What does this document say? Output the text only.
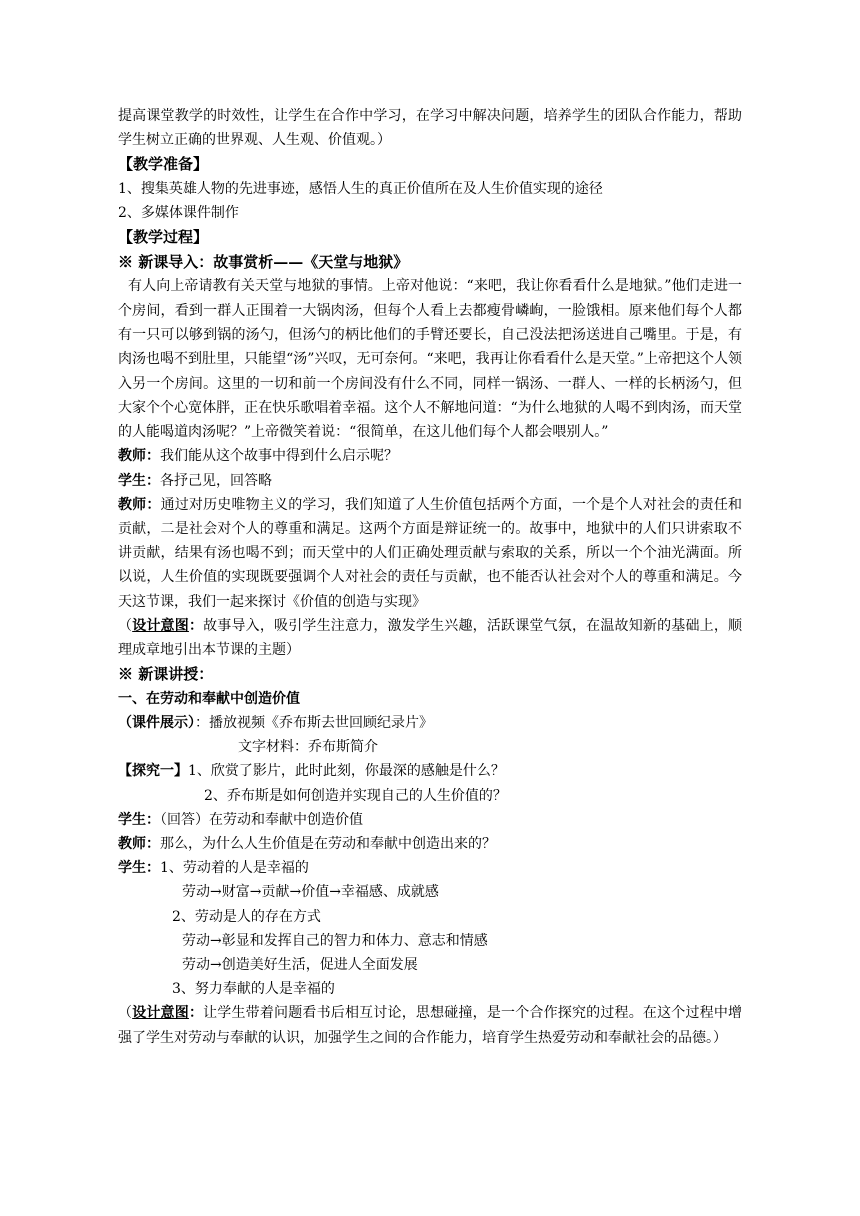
提高课堂教学的时效性，让学生在合作中学习，在学习中解决问题，培养学生的团队合作能力，帮助学生树立正确的世界观、人生观、价值观。）
【教学准备】
1、搜集英雄人物的先进事迹，感悟人生的真正价值所在及人生价值实现的途径
2、多媒体课件制作
【教学过程】
※ 新课导入：故事赏析——《天堂与地狱》
有人向上帝请教有关天堂与地狱的事情。上帝对他说：“来吧，我让你看看什么是地狱。”他们走进一个房间，看到一群人正围着一大锅肉汤，但每个人看上去都瘦骨嶙峋，一脸饿相。原来他们每个人都有一只可以够到锅的汤勺，但汤勺的柄比他们的手臂还要长，自己没法把汤送进自己嘴里。于是，有肉汤也喝不到肚里，只能望“汤”兴叹，无可奈何。“来吧，我再让你看看什么是天堂。”上帝把这个人领入另一个房间。这里的一切和前一个房间没有什么不同，同样一锅汤、一群人、一样的长柄汤勺，但大家个个心宽体胖，正在快乐歌唱着幸福。这个人不解地问道：“为什么地狱的人喝不到肉汤，而天堂的人能喝道肉汤呢？”上帝微笑着说：“很简单，在这儿他们每个人都会喂别人。”
教师：我们能从这个故事中得到什么启示呢？
学生：各抒己见，回答略
教师：通过对历史唯物主义的学习，我们知道了人生价值包括两个方面，一个是个人对社会的责任和贡献，二是社会对个人的尊重和满足。这两个方面是辩证统一的。故事中，地狱中的人们只讲索取不讲贡献，结果有汤也喝不到；而天堂中的人们正确处理贡献与索取的关系，所以一个个油光满面。所以说，人生价值的实现既要强调个人对社会的责任与贡献，也不能否认社会对个人的尊重和满足。今天这节课，我们一起来探讨《价值的创造与实现》
（设计意图：故事导入，吸引学生注意力，激发学生兴趣，活跃课堂气氛，在温故知新的基础上，顺理成章地引出本节课的主题）
※ 新课讲授：
一、在劳动和奉献中创造价值
（课件展示）：播放视频《乔布斯去世回顾纪录片》
文字材料：乔布斯简介
【探究一】1、欣赏了影片，此时此刻，你最深的感触是什么？
2、乔布斯是如何创造并实现自己的人生价值的？
学生：（回答）在劳动和奉献中创造价值
教师：那么，为什么人生价值是在劳动和奉献中创造出来的？
学生：1、劳动着的人是幸福的
劳动→财富→贡献→价值→幸福感、成就感
2、劳动是人的存在方式
劳动→彰显和发挥自己的智力和体力、意志和情感
劳动→创造美好生活，促进人全面发展
3、努力奉献的人是幸福的
（设计意图：让学生带着问题看书后相互讨论，思想碰撞，是一个合作探究的过程。在这个过程中增强了学生对劳动与奉献的认识，加强学生之间的合作能力，培育学生热爱劳动和奉献社会的品德。）
